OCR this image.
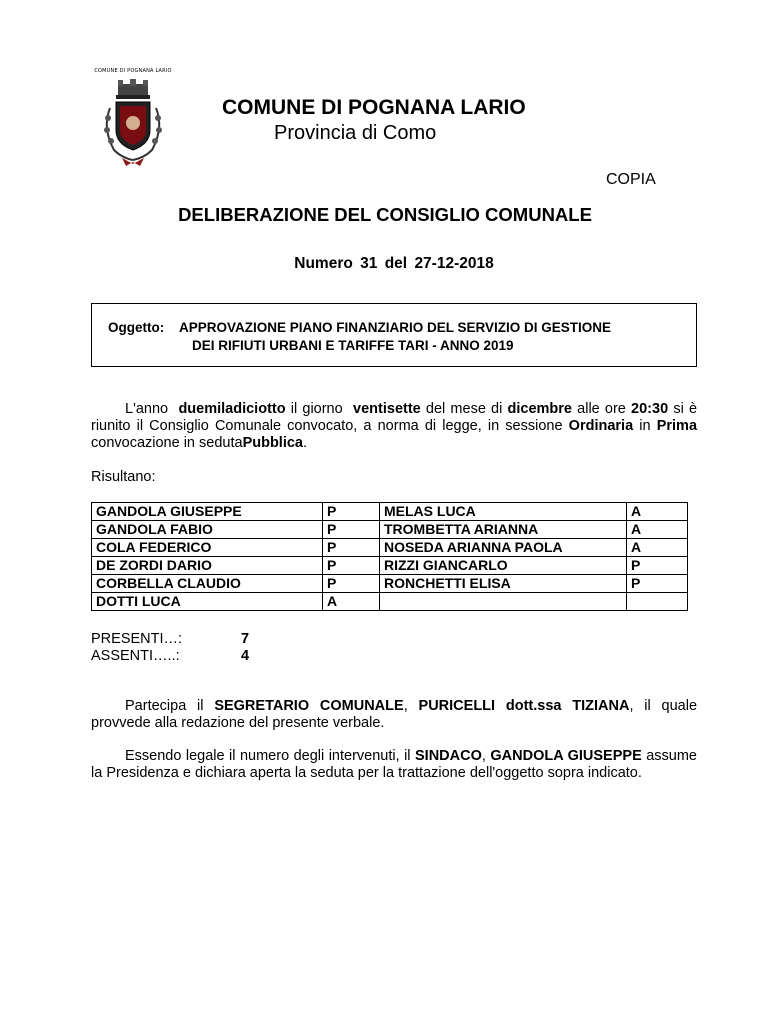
COMUNE DI POGNANA LARIO
COMUNE DI POGNANA LARIO
Provincia di Como
COPIA
DELIBERAZIONE DEL CONSIGLIO COMUNALE
Numero 31 del 27-12-2018
Oggetto: APPROVAZIONE PIANO FINANZIARIO DEL SERVIZIO DI GESTIONE
DEI RIFIUTI URBANI E TARIFFE TARI - ANNO 2019
L'anno duemiladiciotto il giorno ventisette del mese di dicembre alle ore 20:30 si è riunito il Consiglio Comunale convocato, a norma di legge, in sessione Ordinaria in Prima convocazione in sedutaPubblica.
Risultano:
GANDOLA GIUSEPPE	P	MELAS LUCA	A
GANDOLA FABIO	P	TROMBETTA ARIANNA	A
COLA FEDERICO	P	NOSEDA ARIANNA PAOLA	A
DE ZORDI DARIO	P	RIZZI GIANCARLO	P
CORBELLA CLAUDIO	P	RONCHETTI ELISA	P
DOTTI LUCA	A		
PRESENTI…:	7
ASSENTI…..:	4
Partecipa il SEGRETARIO COMUNALE, PURICELLI dott.ssa TIZIANA, il quale provvede alla redazione del presente verbale.
Essendo legale il numero degli intervenuti, il SINDACO, GANDOLA GIUSEPPE assume la Presidenza e dichiara aperta la seduta per la trattazione dell'oggetto sopra indicato.
